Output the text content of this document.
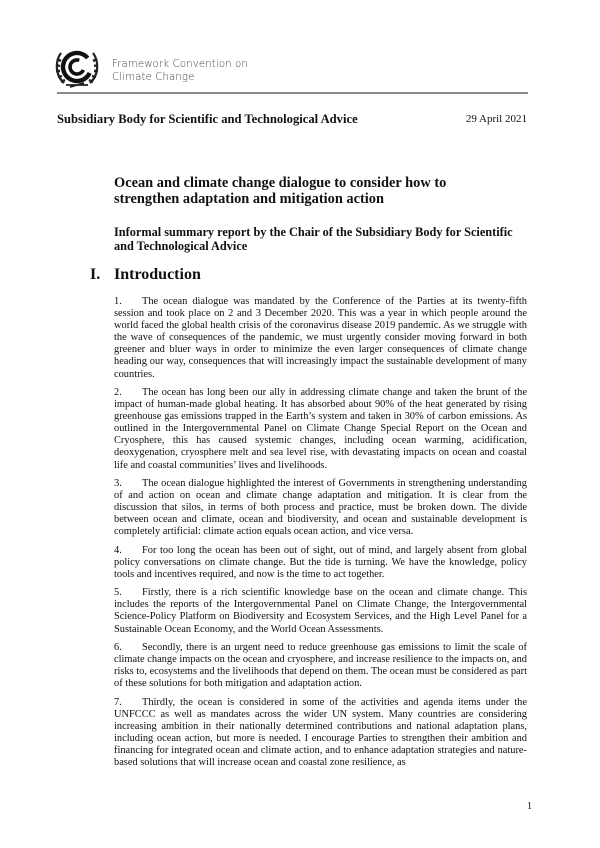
Framework Convention on
Climate Change
Subsidiary Body for Scientific and Technological Advice	29 April 2021
Ocean and climate change dialogue to consider how to strengthen adaptation and mitigation action
Informal summary report by the Chair of the Subsidiary Body for Scientific and Technological Advice
I. Introduction

1. The ocean dialogue was mandated by the Conference of the Parties at its twenty-fifth session and took place on 2 and 3 December 2020. This was a year in which people around the world faced the global health crisis of the coronavirus disease 2019 pandemic. As we struggle with the wave of consequences of the pandemic, we must urgently consider moving forward in both greener and bluer ways in order to minimize the even larger consequences of climate change heading our way, consequences that will increasingly impact the sustainable development of many countries.

2. The ocean has long been our ally in addressing climate change and taken the brunt of the impact of human-made global heating. It has absorbed about 90% of the heat generated by rising greenhouse gas emissions trapped in the Earth’s system and taken in 30% of carbon emissions. As outlined in the Intergovernmental Panel on Climate Change Special Report on the Ocean and Cryosphere, this has caused systemic changes, including ocean warming, acidification, deoxygenation, cryosphere melt and sea level rise, with devastating impacts on ocean and coastal life and coastal communities’ lives and livelihoods.

3. The ocean dialogue highlighted the interest of Governments in strengthening understanding of and action on ocean and climate change adaptation and mitigation. It is clear from the discussion that silos, in terms of both process and practice, must be broken down. The divide between ocean and climate, ocean and biodiversity, and ocean and sustainable development is completely artificial: climate action equals ocean action, and vice versa.

4. For too long the ocean has been out of sight, out of mind, and largely absent from global policy conversations on climate change. But the tide is turning. We have the knowledge, policy tools and incentives required, and now is the time to act together.

5. Firstly, there is a rich scientific knowledge base on the ocean and climate change. This includes the reports of the Intergovernmental Panel on Climate Change, the Intergovernmental Science-Policy Platform on Biodiversity and Ecosystem Services, and the High Level Panel for a Sustainable Ocean Economy, and the World Ocean Assessments.

6. Secondly, there is an urgent need to reduce greenhouse gas emissions to limit the scale of climate change impacts on the ocean and cryosphere, and increase resilience to the impacts on, and risks to, ecosystems and the livelihoods that depend on them. The ocean must be considered as part of these solutions for both mitigation and adaptation action.

7. Thirdly, the ocean is considered in some of the activities and agenda items under the UNFCCC as well as mandates across the wider UN system. Many countries are considering increasing ambition in their nationally determined contributions and national adaptation plans, including ocean action, but more is needed. I encourage Parties to strengthen their ambition and financing for integrated ocean and climate action, and to enhance adaptation strategies and nature-based solutions that will increase ocean and coastal zone resilience, as

1
